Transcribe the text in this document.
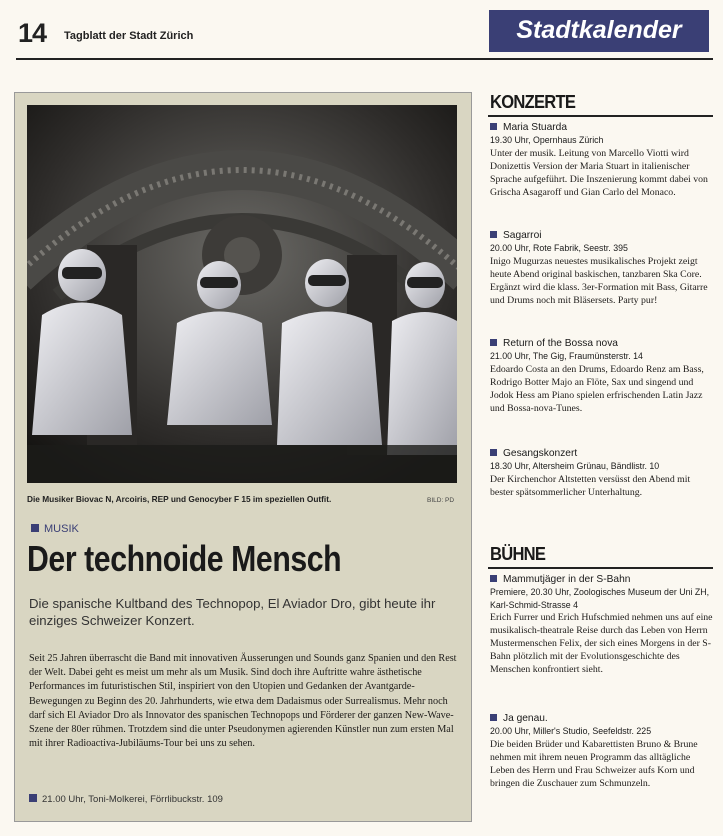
14 Tagblatt der Stadt Zürich	Stadtkalender
Die Musiker Biovac N, Arcoiris, REP und Genocyber F 15 im speziellen Outfit.	BILD: PD
MUSIK
Der technoide Mensch
Die spanische Kultband des Technopop, El Aviador Dro, gibt heute ihr einziges Schweizer Konzert.
Seit 25 Jahren überrascht die Band mit innovativen Äusserungen und Sounds ganz Spanien und den Rest der Welt. Dabei geht es meist um mehr als um Musik. Sind doch ihre Auftritte wahre ästhetische Performances im futuristischen Stil, inspiriert von den Utopien und Gedanken der Avantgarde-Bewegungen zu Beginn des 20. Jahrhunderts, wie etwa dem Dadaismus oder Surrealismus. Mehr noch darf sich El Aviador Dro als Innovator des spanischen Technopops und Förderer der ganzen New-Wave-Szene der 80er rühmen. Trotzdem sind die unter Pseudonymen agierenden Künstler nun zum ersten Mal mit ihrer Radioactiva-Jubiläums-Tour bei uns zu sehen.
21.00 Uhr, Toni-Molkerei, Förrlibuckstr. 109
KONZERTE
Maria Stuarda
19.30 Uhr, Opernhaus Zürich
Unter der musik. Leitung von Marcello Viotti wird Donizettis Version der Maria Stuart in italienischer Sprache aufgeführt. Die Inszenierung kommt dabei von Grischa Asagaroff und Gian Carlo del Monaco.
Sagarroi
20.00 Uhr, Rote Fabrik, Seestr. 395
Inigo Mugurzas neuestes musikalisches Projekt zeigt heute Abend original baskischen, tanzbaren Ska Core. Ergänzt wird die klass. 3er-Formation mit Bass, Gitarre und Drums noch mit Bläsersets. Party pur!
Return of the Bossa nova
21.00 Uhr, The Gig, Fraumünsterstr. 14
Edoardo Costa an den Drums, Edoardo Renz am Bass, Rodrigo Botter Majo an Flöte, Sax und singend und Jodok Hess am Piano spielen erfrischenden Latin Jazz und Bossa-nova-Tunes.
Gesangskonzert
18.30 Uhr, Altersheim Grünau, Bändlistr. 10
Der Kirchenchor Altstetten versüsst den Abend mit bester spätsommerlicher Unterhaltung.
BÜHNE
Mammutjäger in der S-Bahn
Premiere, 20.30 Uhr, Zoologisches Museum der Uni ZH, Karl-Schmid-Strasse 4
Erich Furrer und Erich Hufschmied nehmen uns auf eine musikalisch-theatrale Reise durch das Leben von Herrn Mustermenschen Felix, der sich eines Morgens in der S-Bahn plötzlich mit der Evolutionsgeschichte des Menschen konfrontiert sieht.
Ja genau.
20.00 Uhr, Miller's Studio, Seefeldstr. 225
Die beiden Brüder und Kabarettisten Bruno & Brune nehmen mit ihrem neuen Programm das alltägliche Leben des Herrn und Frau Schweizer aufs Korn und bringen die Zuschauer zum Schmunzeln.
